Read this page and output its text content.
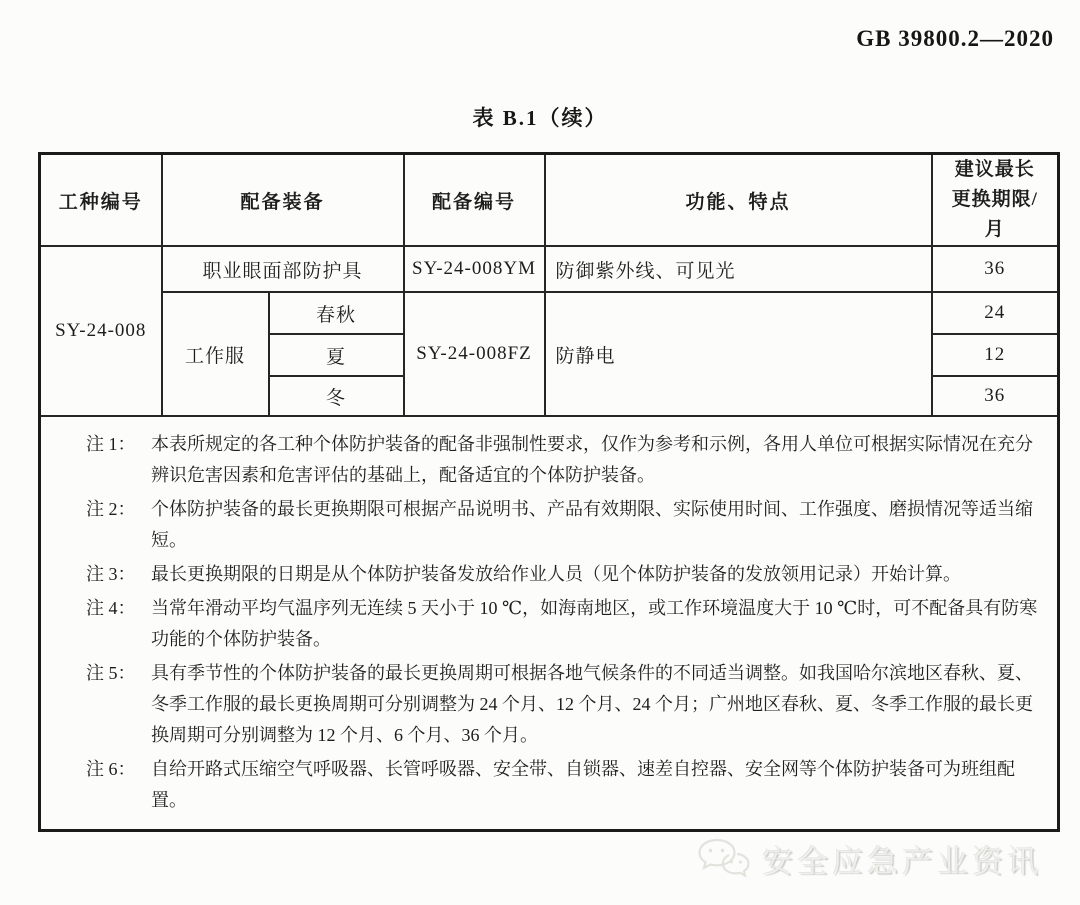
GB 39800.2—2020
表 B.1（续）
工种编号	配备装备		配备编号	功能、特点	建议最长更换期限/月
SY-24-008	职业眼面部防护具		SY-24-008YM	防御紫外线、可见光	36
	工作服	春秋	SY-24-008FZ	防静电	24
		夏			12
		冬			36

注 1： 本表所规定的各工种个体防护装备的配备非强制性要求，仅作为参考和示例，各用人单位可根据实际情况在充分辨识危害因素和危害评估的基础上，配备适宜的个体防护装备。
注 2： 个体防护装备的最长更换期限可根据产品说明书、产品有效期限、实际使用时间、工作强度、磨损情况等适当缩短。
注 3： 最长更换期限的日期是从个体防护装备发放给作业人员（见个体防护装备的发放领用记录）开始计算。
注 4： 当常年滑动平均气温序列无连续 5 天小于 10 ℃，如海南地区，或工作环境温度大于 10 ℃时，可不配备具有防寒功能的个体防护装备。
注 5： 具有季节性的个体防护装备的最长更换周期可根据各地气候条件的不同适当调整。如我国哈尔滨地区春秋、夏、冬季工作服的最长更换周期可分别调整为 24 个月、12 个月、24 个月；广州地区春秋、夏、冬季工作服的最长更换周期可分别调整为 12 个月、6 个月、36 个月。
注 6： 自给开路式压缩空气呼吸器、长管呼吸器、安全带、自锁器、速差自控器、安全网等个体防护装备可为班组配置。
安全应急产业资讯
